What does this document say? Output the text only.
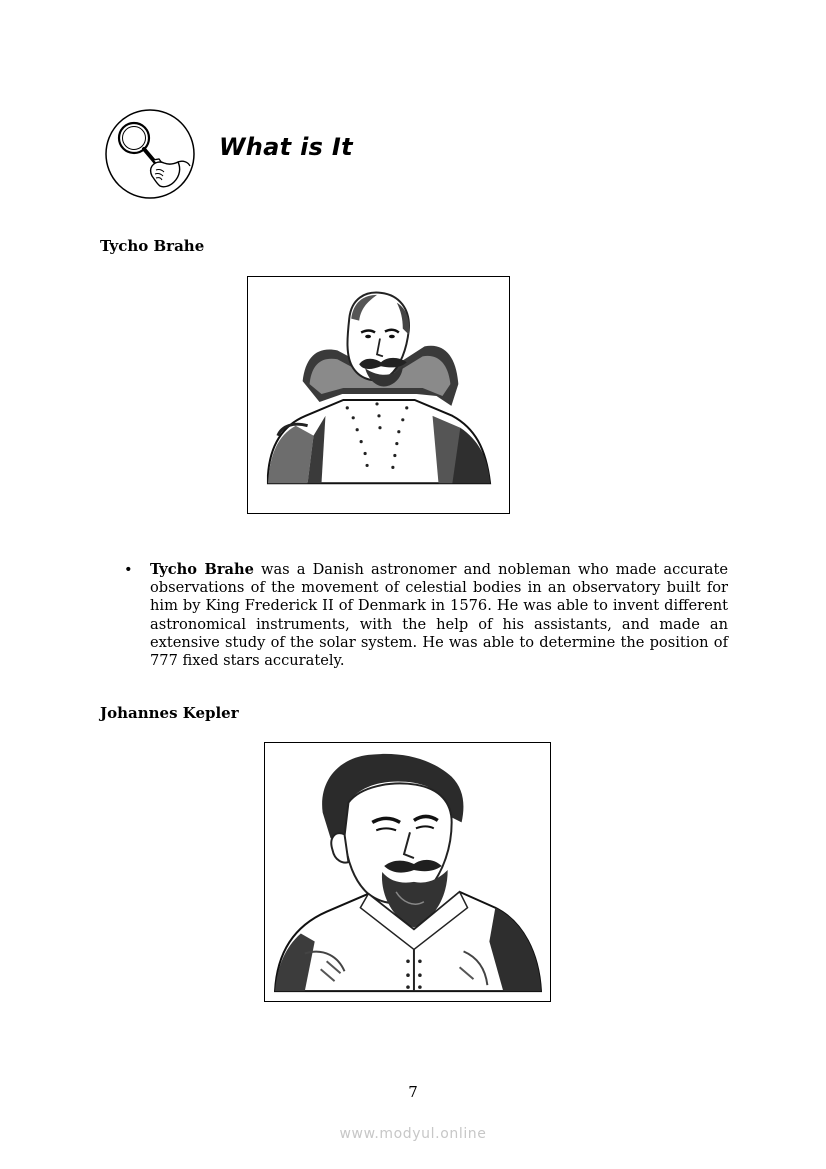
What is It
Tycho Brahe
• Tycho Brahe was a Danish astronomer and nobleman who made accurate observations of the movement of celestial bodies in an observatory built for him by King Frederick II of Denmark in 1576. He was able to invent different astronomical instruments, with the help of his assistants, and made an extensive study of the solar system. He was able to determine the position of 777 fixed stars accurately.

Johannes Kepler
7
www.modyul.online
